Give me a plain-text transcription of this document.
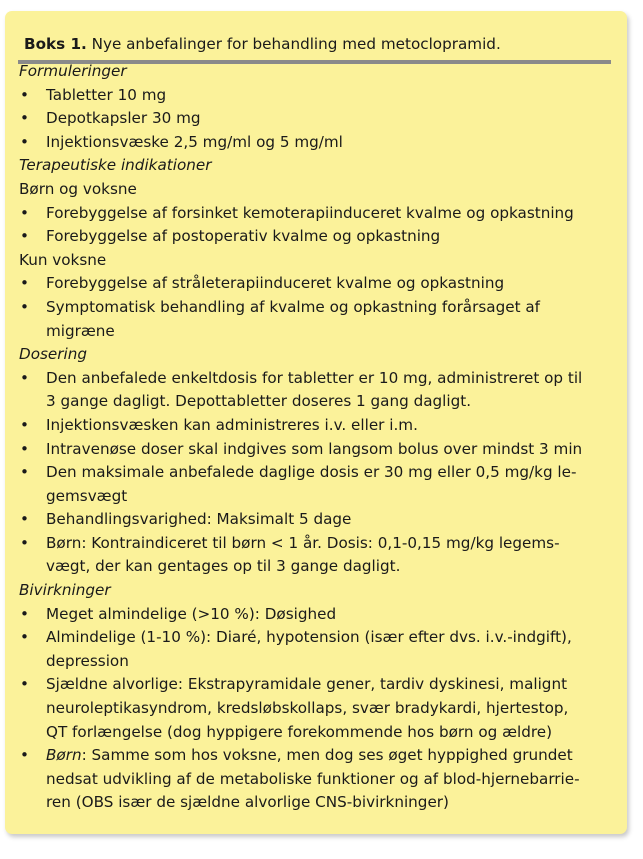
Boks 1. Nye anbefalinger for behandling med metoclopramid.
Formuleringer
• Tabletter 10 mg
• Depotkapsler 30 mg
• Injektionsvæske 2,5 mg/ml og 5 mg/ml
Terapeutiske indikationer
Børn og voksne
• Forebyggelse af forsinket kemoterapiinduceret kvalme og opkastning
• Forebyggelse af postoperativ kvalme og opkastning
Kun voksne
• Forebyggelse af stråleterapiinduceret kvalme og opkastning
• Symptomatisk behandling af kvalme og opkastning forårsaget af
migræne
Dosering
• Den anbefalede enkeltdosis for tabletter er 10 mg, administreret op til
3 gange dagligt. Depottabletter doseres 1 gang dagligt.
• Injektionsvæsken kan administreres i.v. eller i.m.
• Intravenøse doser skal indgives som langsom bolus over mindst 3 min
• Den maksimale anbefalede daglige dosis er 30 mg eller 0,5 mg/kg le-
gemsvægt
• Behandlingsvarighed: Maksimalt 5 dage
• Børn: Kontraindiceret til børn < 1 år. Dosis: 0,1-0,15 mg/kg legems-
vægt, der kan gentages op til 3 gange dagligt.
Bivirkninger
• Meget almindelige (>10 %): Døsighed
• Almindelige (1-10 %): Diaré, hypotension (især efter dvs. i.v.-indgift),
depression
• Sjældne alvorlige: Ekstrapyramidale gener, tardiv dyskinesi, malignt
neuroleptikasyndrom, kredsløbskollaps, svær bradykardi, hjertestop,
QT forlængelse (dog hyppigere forekommende hos børn og ældre)
• Børn: Samme som hos voksne, men dog ses øget hyppighed grundet
nedsat udvikling af de metaboliske funktioner og af blod-hjernebarrie-
ren (OBS især de sjældne alvorlige CNS-bivirkninger)
